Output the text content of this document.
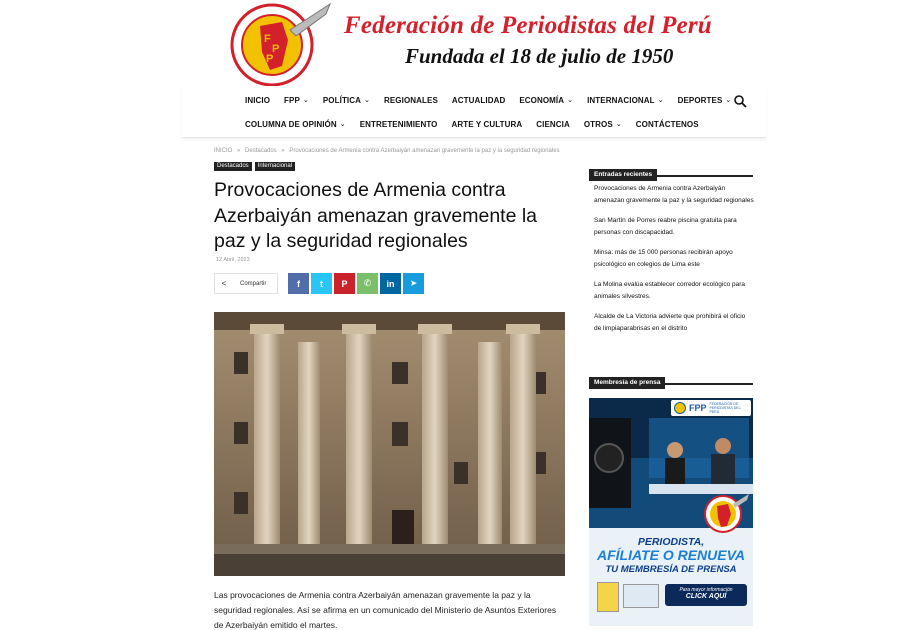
F
P
P
Federación de Periodistas del Perú
Fundada el 18 de julio de 1950
INICIO FPP ⌄ POLÍTICA ⌄ REGIONALES ACTUALIDAD ECONOMÍA ⌄ INTERNACIONAL ⌄ DEPORTES ⌄
COLUMNA DE OPINIÓN ⌄ ENTRETENIMIENTO ARTE Y CULTURA CIENCIA OTROS ⌄ CONTÁCTENOS
INICIO » Destacados » Provocaciones de Armenia contra Azerbaiyán amenazan gravemente la paz y la seguridad regionales
Destacados	Internacional
Provocaciones de Armenia contra Azerbaiyán amenazan gravemente la paz y la seguridad regionales
12 Abril, 2023
<	Compartir	f	t	P	✆	in	➤

Las provocaciones de Armenia contra Azerbaiyán amenazan gravemente la paz y la seguridad regionales. Así se afirma en un comunicado del Ministerio de Asuntos Exteriores de Azerbaiyán emitido el martes.

Entradas recientes
Provocaciones de Armenia contra Azerbaiyán amenazan gravemente la paz y la seguridad regionales
San Martín de Porres reabre piscina gratuita para personas con discapacidad.
Minsa: más de 15 000 personas recibirán apoyo psicológico en colegios de Lima este
La Molina evalúa establecer corredor ecológico para animales silvestres.
Alcalde de La Victoria advierte que prohibirá el oficio de limpiaparabrisas en el distrito
Membresía de prensa
FPP FEDERACIÓN DE PERIODISTAS DEL PERÚ
PERIODISTA,
AFÍLIATE O RENUEVA
TU MEMBRESÍA DE PRENSA
Para mayor información
CLICK AQUÍ
